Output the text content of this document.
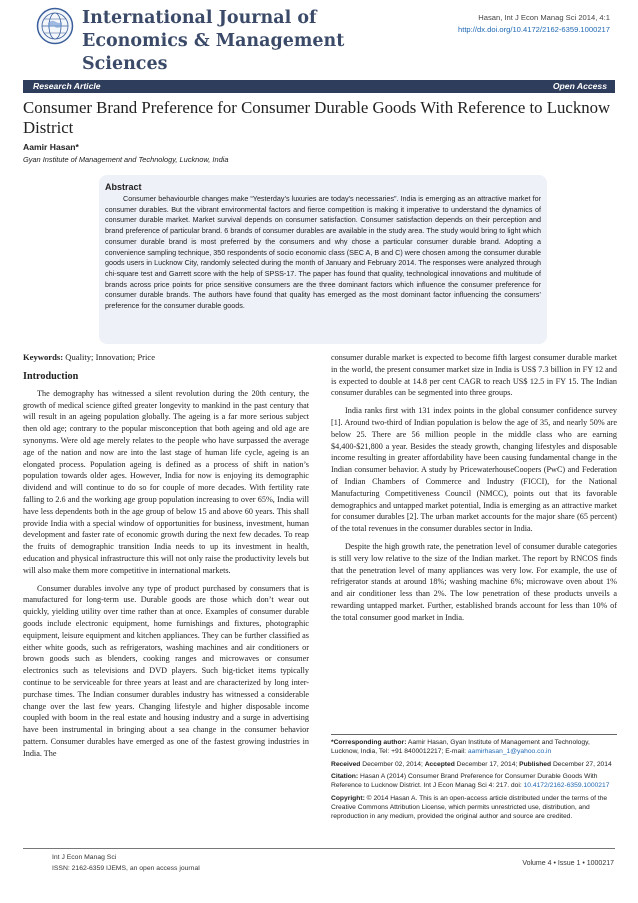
International Journal of Economics & Management Sciences
Hasan, Int J Econ Manag Sci 2014, 4:1
http://dx.doi.org/10.4172/2162-6359.1000217
Research Article	Open Access
Consumer Brand Preference for Consumer Durable Goods With Reference to Lucknow District
Aamir Hasan*
Gyan Institute of Management and Technology, Lucknow, India
Abstract

Consumer behaviourble changes make “Yesterday’s luxuries are today’s necessaries”. India is emerging as an attractive market for consumer durables. But the vibrant environmental factors and fierce competition is making it imperative to understand the dynamics of consumer durable market. Market survival depends on consumer satisfaction. Consumer satisfaction depends on their perception and brand preference of particular brand. 6 brands of consumer durables are available in the study area. The study would bring to light which consumer durable brand is most preferred by the consumers and why chose a particular consumer durable brand. Adopting a convenience sampling technique, 350 respondents of socio economic class (SEC A, B and C) were chosen among the consumer durable goods users in Lucknow City, randomly selected during the month of January and February 2014. The responses were analyzed through chi-square test and Garrett score with the help of SPSS-17. The paper has found that quality, technological innovations and multitude of brands across price points for price sensitive consumers are the three dominant factors which influence the consumer preference for consumer durable brands. The authors have found that quality has emerged as the most dominant factor influencing the consumers’ preference for the consumer durable goods.

Keywords: Quality; Innovation; Price

Introduction

The demography has witnessed a silent revolution during the 20th century, the growth of medical science gifted greater longevity to mankind in the past century that will result in an ageing population globally. The ageing is a far more serious subject then old age; contrary to the popular misconception that both ageing and old age are synonyms. Were old age merely relates to the people who have surpassed the average age of the nation and now are into the last stage of human life cycle, ageing is an elongated process. Population ageing is defined as a process of shift in nation’s population towards older ages. However, India for now is enjoying its demographic dividend and will continue to do so for couple of more decades. With fertility rate falling to 2.6 and the working age group population increasing to over 65%, India will have less dependents both in the age group of below 15 and above 60 years. This shall provide India with a special window of opportunities for business, investment, human development and faster rate of economic growth during the next few decades. To reap the fruits of demographic transition India needs to up its investment in health, education and physical infrastructure this will not only raise the productivity levels but will also make them more competitive in international markets.

Consumer durables involve any type of product purchased by consumers that is manufactured for long-term use. Durable goods are those which don’t wear out quickly, yielding utility over time rather than at once. Examples of consumer durable goods include electronic equipment, home furnishings and fixtures, photographic equipment, leisure equipment and kitchen appliances. They can be further classified as either white goods, such as refrigerators, washing machines and air conditioners or brown goods such as blenders, cooking ranges and microwaves or consumer electronics such as televisions and DVD players. Such big-ticket items typically continue to be serviceable for three years at least and are characterized by long inter-purchase times. The Indian consumer durables industry has witnessed a considerable change over the last few years. Changing lifestyle and higher disposable income coupled with boom in the real estate and housing industry and a surge in advertising have been instrumental in bringing about a sea change in the consumer behavior pattern. Consumer durables have emerged as one of the fastest growing industries in India. The

consumer durable market is expected to become fifth largest consumer durable market in the world, the present consumer market size in India is US$ 7.3 billion in FY 12 and is expected to double at 14.8 per cent CAGR to reach US$ 12.5 in FY 15. The Indian consumer durables can be segmented into three groups.

India ranks first with 131 index points in the global consumer confidence survey [1]. Around two-third of Indian population is below the age of 35, and nearly 50% are below 25. There are 56 million people in the middle class who are earning $4,400-$21,800 a year. Besides the steady growth, changing lifestyles and disposable income resulting in greater affordability have been causing fundamental change in the Indian consumer behavior. A study by PricewaterhouseCoopers (PwC) and Federation of Indian Chambers of Commerce and Industry (FICCI), for the National Manufacturing Competitiveness Council (NMCC), points out that its favorable demographics and untapped market potential, India is emerging as an attractive market for consumer durables [2]. The urban market accounts for the major share (65 percent) of the total revenues in the consumer durables sector in India.

Despite the high growth rate, the penetration level of consumer durable categories is still very low relative to the size of the Indian market. The report by RNCOS finds that the penetration level of many appliances was very low. For example, the use of refrigerator stands at around 18%; washing machine 6%; microwave oven about 1% and air conditioner less than 2%. The low penetration of these products unveils a rewarding untapped market. Further, established brands account for less than 10% of the total consumer good market in India.

*Corresponding author: Aamir Hasan, Gyan Institute of Management and Technology, Lucknow, India, Tel: +91 8400012217; E-mail: aamirhasan_1@yahoo.co.in

Received December 02, 2014; Accepted December 17, 2014; Published December 27, 2014

Citation: Hasan A (2014) Consumer Brand Preference for Consumer Durable Goods With Reference to Lucknow District. Int J Econ Manag Sci 4: 217. doi: 10.4172/2162-6359.1000217

Copyright: © 2014 Hasan A. This is an open-access article distributed under the terms of the Creative Commons Attribution License, which permits unrestricted use, distribution, and reproduction in any medium, provided the original author and source are credited.

Int J Econ Manag Sci
ISSN: 2162-6359 IJEMS, an open access journal
Volume 4 • Issue 1 • 1000217
